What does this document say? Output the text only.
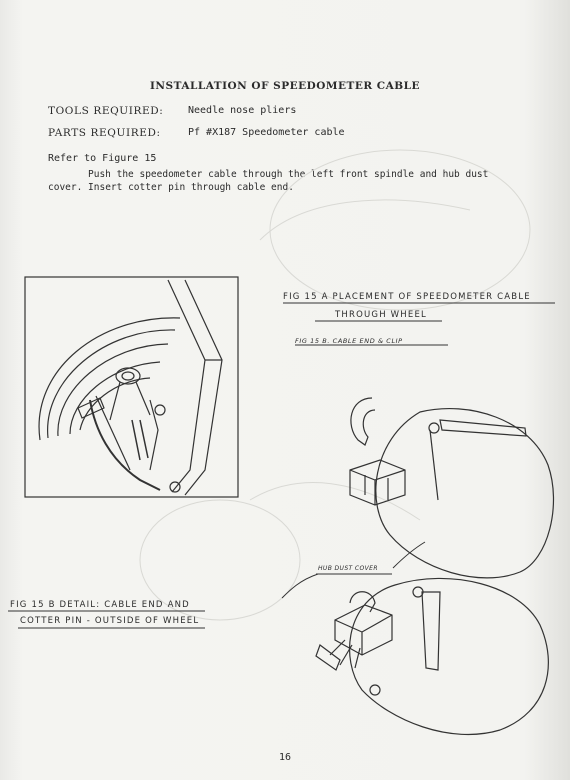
INSTALLATION OF SPEEDOMETER CABLE
TOOLS REQUIRED: Needle nose pliers
PARTS REQUIRED:	Pf #X187 Speedometer cable
Refer to Figure 15
Push the speedometer cable through the left front spindle and hub dust cover. Insert cotter pin through cable end.
FIG 15 A PLACEMENT OF SPEEDOMETER CABLE
THROUGH WHEEL
FIG 15 B. CABLE END & CLIP
HUB DUST COVER
FIG 15 B DETAIL: CABLE END AND
COTTER PIN - OUTSIDE OF WHEEL
16
